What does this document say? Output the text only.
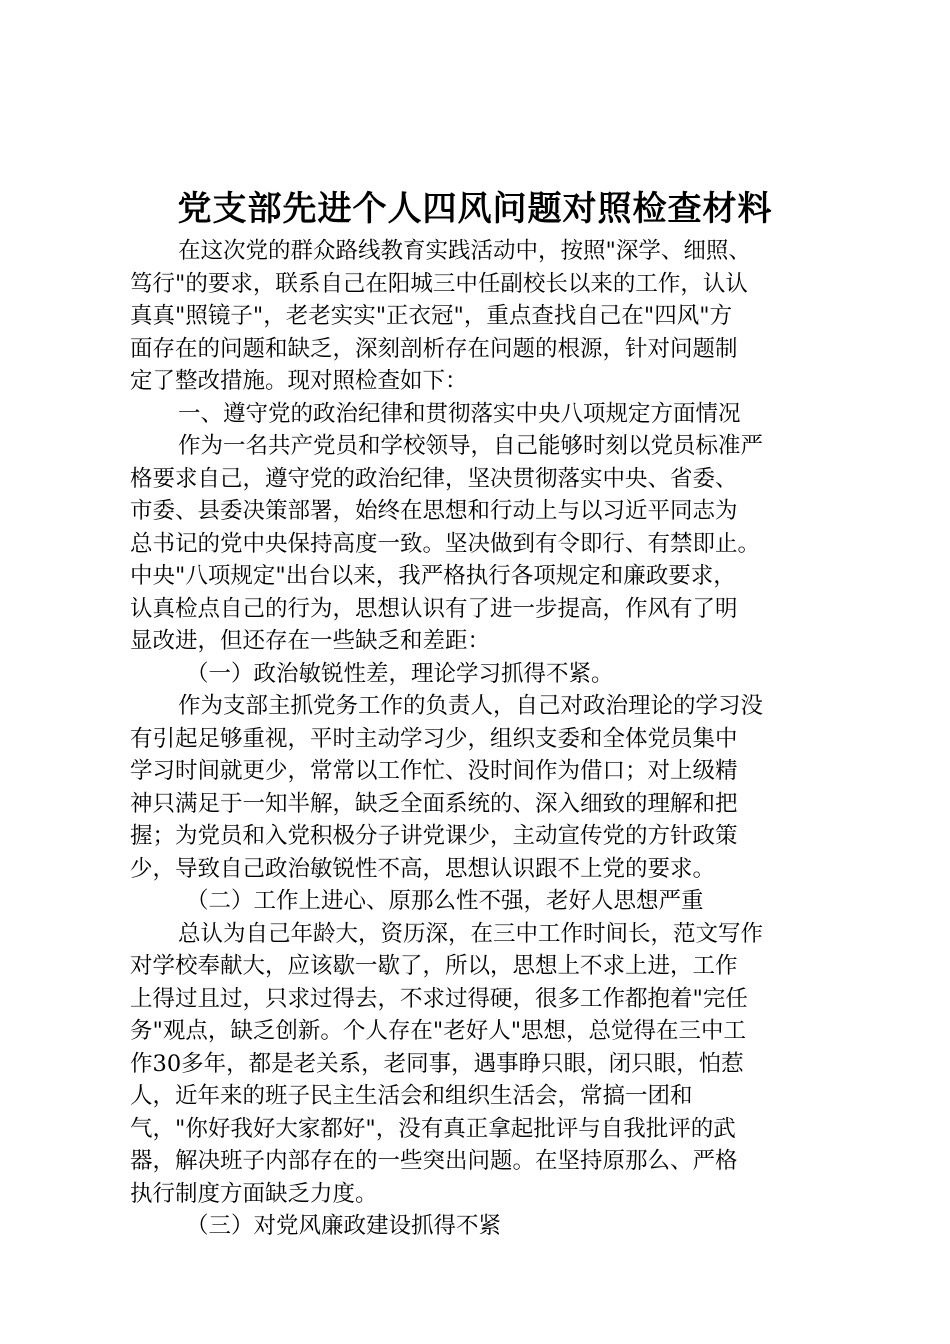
党支部先进个人四风问题对照检查材料
在这次党的群众路线教育实践活动中，按照"深学、细照、
笃行"的要求，联系自己在阳城三中任副校长以来的工作，认认
真真"照镜子"，老老实实"正衣冠"，重点查找自己在"四风"方
面存在的问题和缺乏，深刻剖析存在问题的根源，针对问题制
定了整改措施。现对照检查如下：
一、遵守党的政治纪律和贯彻落实中央八项规定方面情况
作为一名共产党员和学校领导，自己能够时刻以党员标准严
格要求自己，遵守党的政治纪律，坚决贯彻落实中央、省委、
市委、县委决策部署，始终在思想和行动上与以习近平同志为
总书记的党中央保持高度一致。坚决做到有令即行、有禁即止。
中央"八项规定"出台以来，我严格执行各项规定和廉政要求，
认真检点自己的行为，思想认识有了进一步提高，作风有了明
显改进，但还存在一些缺乏和差距：
（一）政治敏锐性差，理论学习抓得不紧。
作为支部主抓党务工作的负责人，自己对政治理论的学习没
有引起足够重视，平时主动学习少，组织支委和全体党员集中
学习时间就更少，常常以工作忙、没时间作为借口；对上级精
神只满足于一知半解，缺乏全面系统的、深入细致的理解和把
握；为党员和入党积极分子讲党课少，主动宣传党的方针政策
少，导致自己政治敏锐性不高，思想认识跟不上党的要求。
（二）工作上进心、原那么性不强，老好人思想严重
总认为自己年龄大，资历深，在三中工作时间长，范文写作
对学校奉献大，应该歇一歇了，所以，思想上不求上进，工作
上得过且过，只求过得去，不求过得硬，很多工作都抱着"完任
务"观点，缺乏创新。个人存在"老好人"思想，总觉得在三中工
作30多年，都是老关系，老同事，遇事睁只眼，闭只眼，怕惹
人，近年来的班子民主生活会和组织生活会，常搞一团和
气，"你好我好大家都好"，没有真正拿起批评与自我批评的武
器，解决班子内部存在的一些突出问题。在坚持原那么、严格
执行制度方面缺乏力度。
（三）对党风廉政建设抓得不紧
